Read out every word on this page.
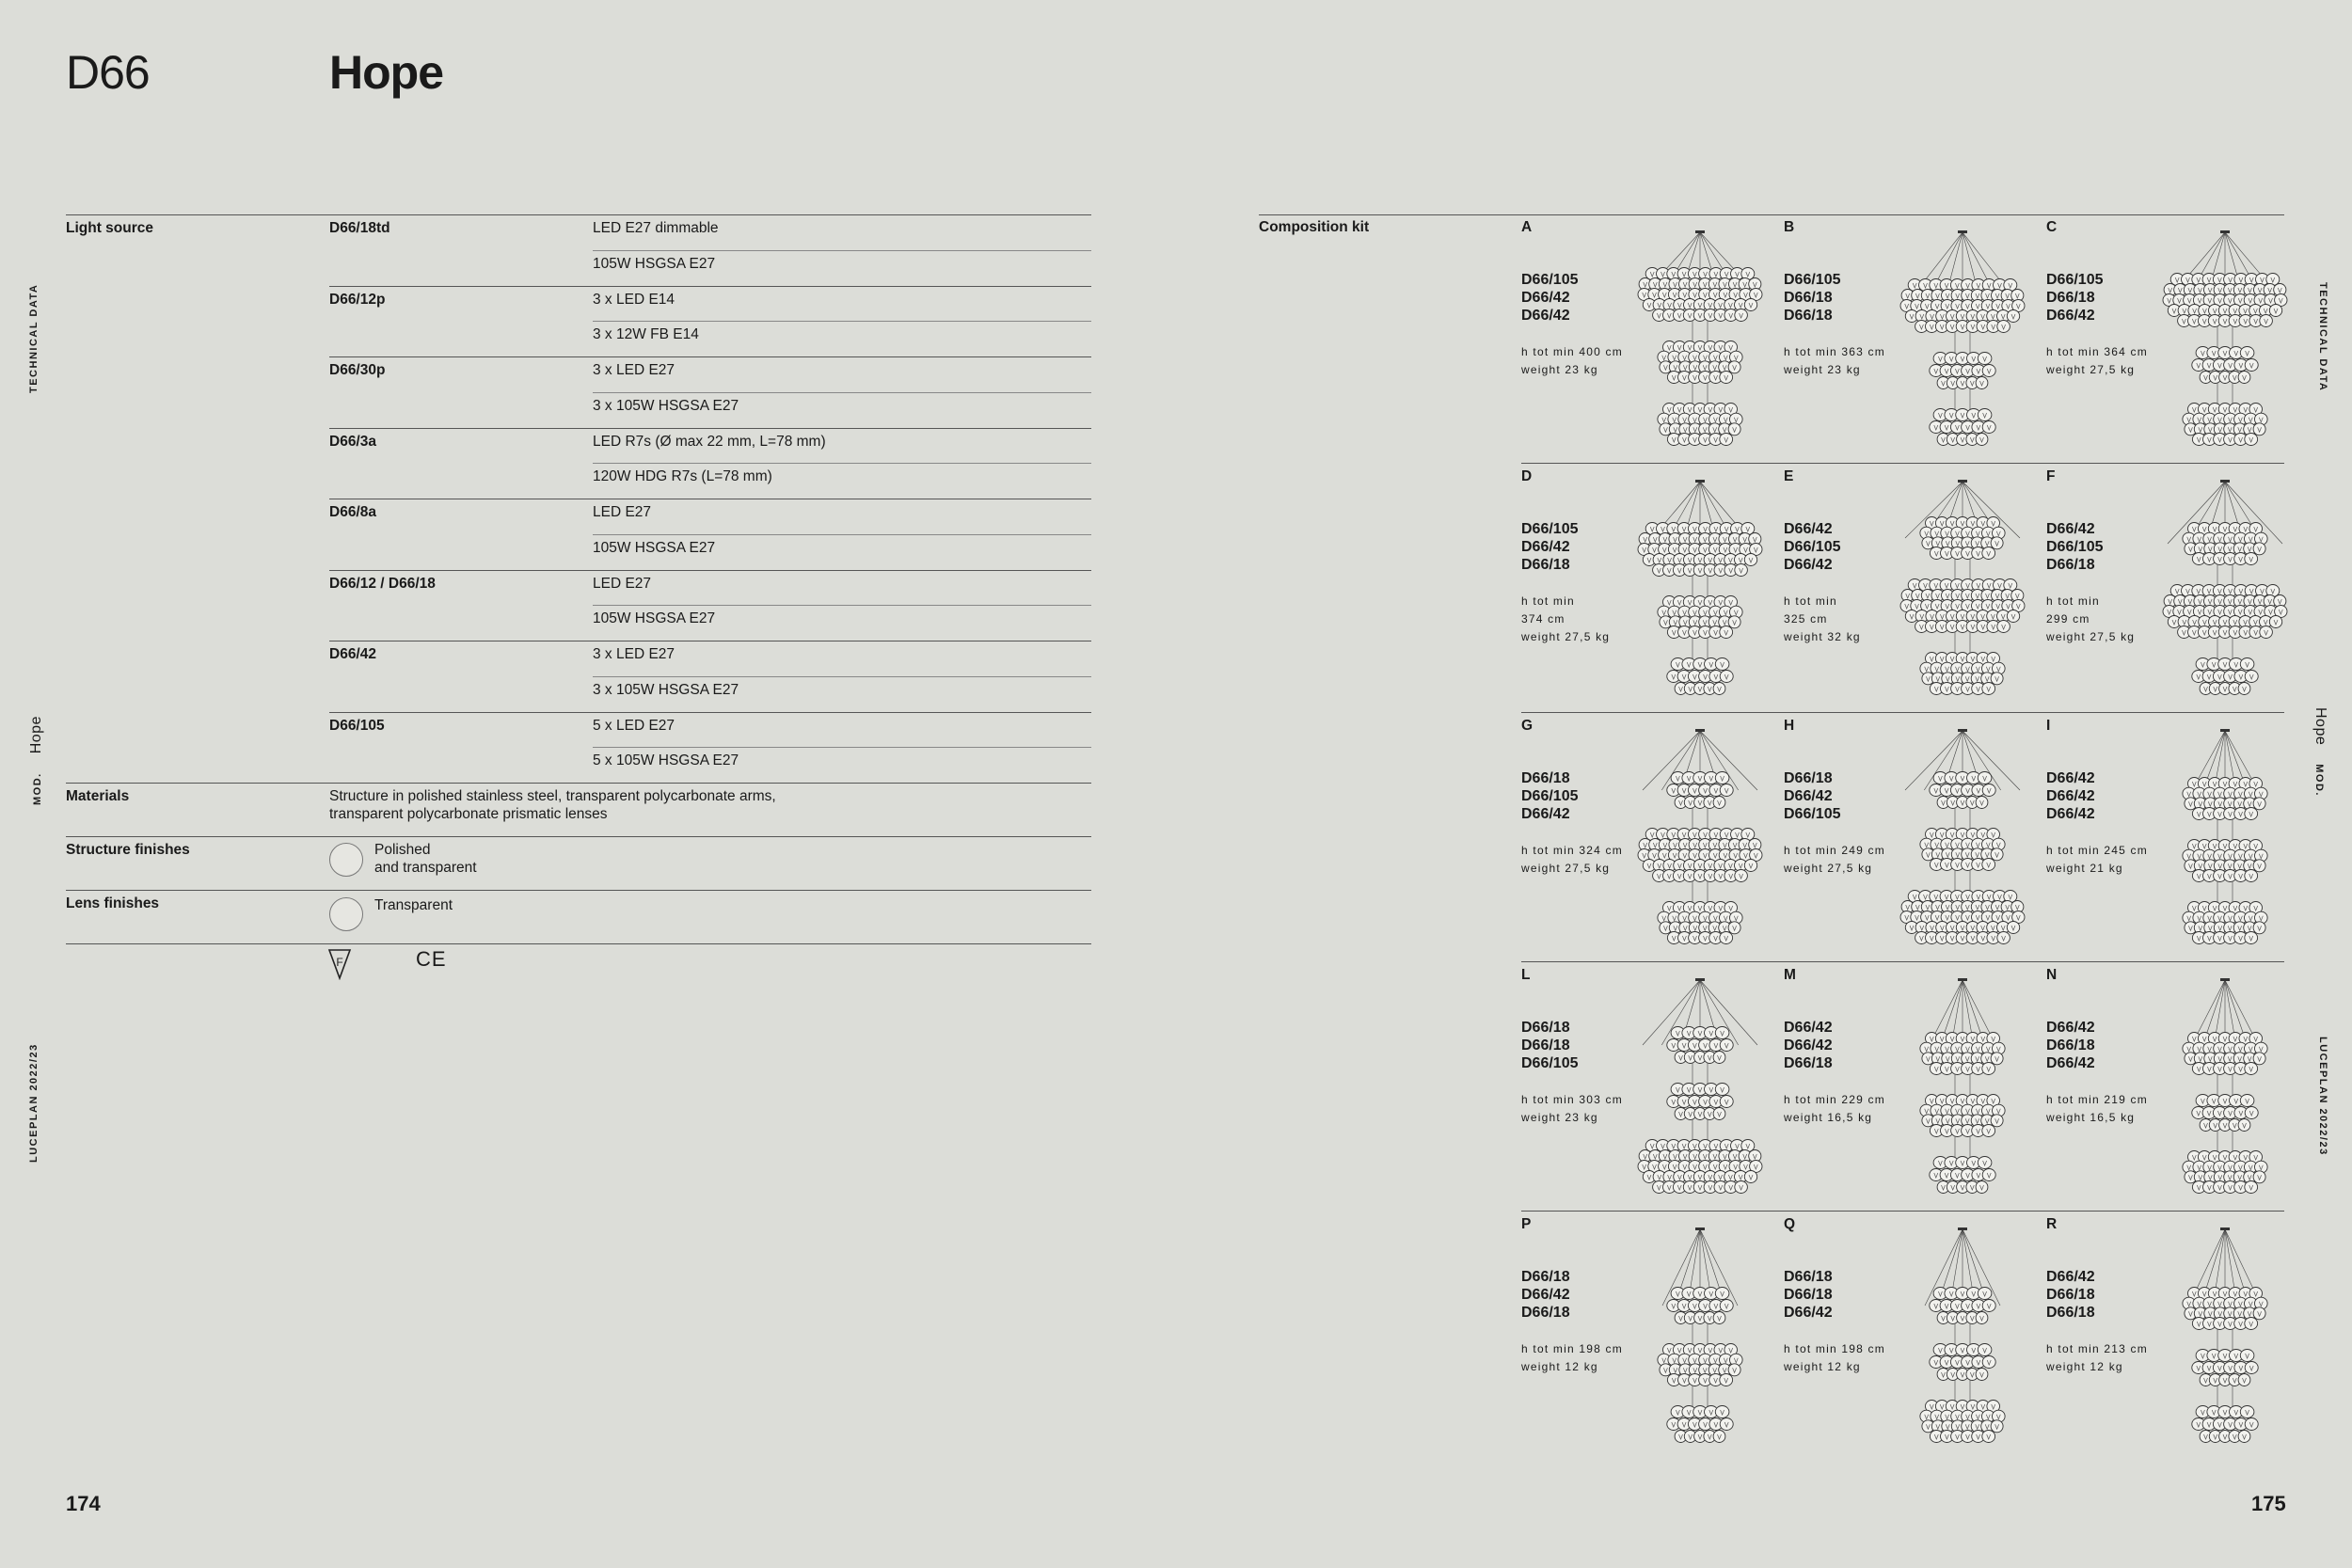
D66	Hope
TECHNICAL DATA
MOD.Hope
LUCEPLAN 2022/23
TECHNICAL DATA
HopeMOD.
LUCEPLAN 2022/23
174	175
Light source	D66/18td	LED E27 dimmable
105W HSGSA E27
D66/12p	3 x LED E14
3 x 12W FB E14
D66/30p	3 x LED E27
3 x 105W HSGSA E27
D66/3a	LED R7s (Ø max 22 mm, L=78 mm)
120W HDG R7s (L=78 mm)
D66/8a	LED E27
105W HSGSA E27
D66/12 / D66/18	LED E27
105W HSGSA E27
D66/42	3 x LED E27
3 x 105W HSGSA E27
D66/105	5 x LED E27
5 x 105W HSGSA E27
Materials	Structure in polished stainless steel, transparent polycarbonate arms,
transparent polycarbonate prismatic lenses
Structure finishes	Polished
and transparent
Lens finishes	Transparent
F	CE
Composition kit	A
D66/105
D66/42
D66/42
h tot min 400 cm
weight 23 kg
B
D66/105
D66/18
D66/18
h tot min 363 cm
weight 23 kg
C
D66/105
D66/18
D66/42
h tot min 364 cm
weight 27,5 kg
D
D66/105
D66/42
D66/18
h tot min
374 cm
weight 27,5 kg
E
D66/42
D66/105
D66/42
h tot min
325 cm
weight 32 kg
F
D66/42
D66/105
D66/18
h tot min
299 cm
weight 27,5 kg
G
D66/18
D66/105
D66/42
h tot min 324 cm
weight 27,5 kg
H
D66/18
D66/42
D66/105
h tot min 249 cm
weight 27,5 kg
I
D66/42
D66/42
D66/42
h tot min 245 cm
weight 21 kg
L
D66/18
D66/18
D66/105
h tot min 303 cm
weight 23 kg
M
D66/42
D66/42
D66/18
h tot min 229 cm
weight 16,5 kg
N
D66/42
D66/18
D66/42
h tot min 219 cm
weight 16,5 kg
P
D66/18
D66/42
D66/18
h tot min 198 cm
weight 12 kg
Q
D66/18
D66/18
D66/42
h tot min 198 cm
weight 12 kg
R
D66/42
D66/18
D66/18
h tot min 213 cm
weight 12 kg
